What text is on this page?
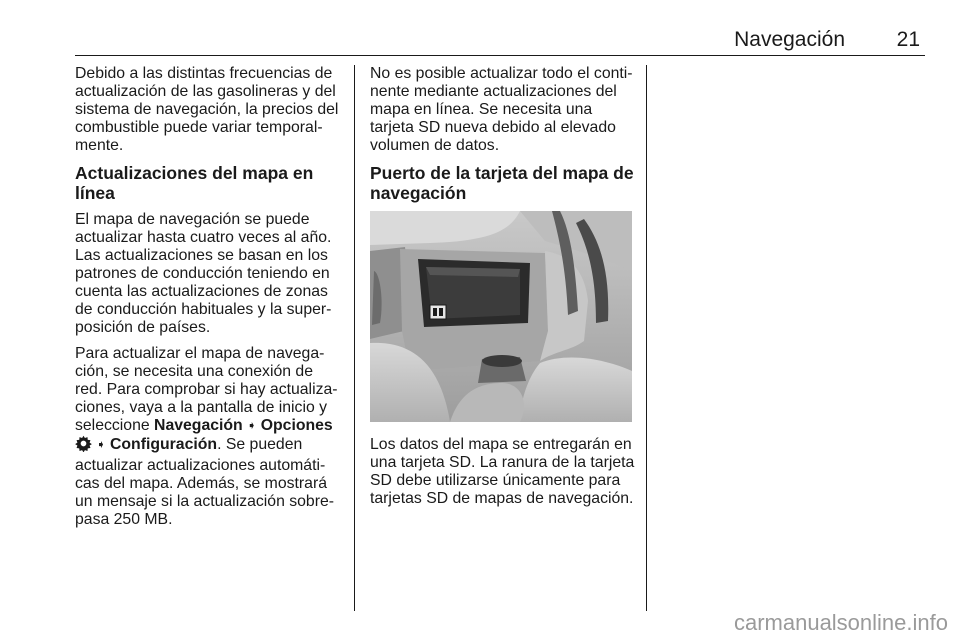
Navegación 21

Debido a las distintas frecuencias de
actualización de las gasolineras y del
sistema de navegación, la precios del
combustible puede variar temporal-
mente.

Actualizaciones del mapa en
línea

El mapa de navegación se puede
actualizar hasta cuatro veces al año.
Las actualizaciones se basan en los
patrones de conducción teniendo en
cuenta las actualizaciones de zonas
de conducción habituales y la super-
posición de países.

Para actualizar el mapa de navega-
ción, se necesita una conexión de
red. Para comprobar si hay actualiza-
ciones, vaya a la pantalla de inicio y
seleccione Navegación ➧ Opciones
➧ Configuración. Se pueden
actualizar actualizaciones automáti-
cas del mapa. Además, se mostrará
un mensaje si la actualización sobre-
pasa 250 MB.

No es posible actualizar todo el conti-
nente mediante actualizaciones del
mapa en línea. Se necesita una
tarjeta SD nueva debido al elevado
volumen de datos.

Puerto de la tarjeta del mapa de
navegación

Los datos del mapa se entregarán en
una tarjeta SD. La ranura de la tarjeta
SD debe utilizarse únicamente para
tarjetas SD de mapas de navegación.

carmanualsonline.info
